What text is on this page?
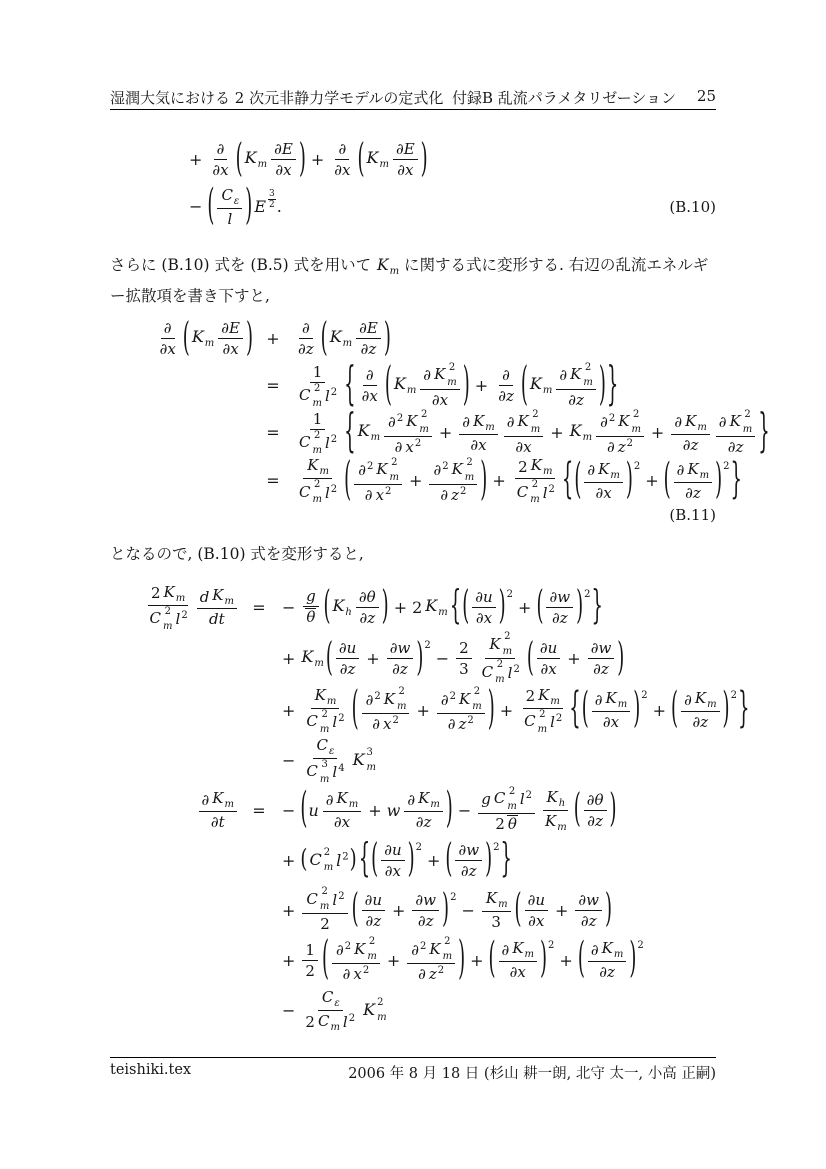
湿潤大気における 2 次元非静力学モデルの定式化 付録B 乱流パラメタリゼーション 25
+ $\frac{\partial}{\partial x}$ ( $K_m \frac{\partial E}{\partial x}$ ) + $\frac{\partial}{\partial x}$ ( $K_m \frac{\partial E}{\partial x}$ )
− ( $\frac{C_\varepsilon}{l}$ ) E $\frac{3}{2}$ .	(B.10)

さらに (B.10) 式を (B.5) 式を用いて $K_m$ に関する式に変形する. 右辺の乱流エネルギー拡散項を書き下すと,

$\frac{\partial}{\partial x}$ ( $K_m \frac{\partial E}{\partial x}$ ) +	$\frac{\partial}{\partial z}$ ( $K_m \frac{\partial E}{\partial z}$ )
=	1
C 2
m $l^2$ { $\frac{\partial}{\partial x}$ ( $K_m$ ∂ K 2
m
∂x ) + $\frac{\partial}{\partial z}$ ( $K_m$ ∂ K 2
m
∂z ) }
=	1
C 2
m $l^2$ { $K_m$ ∂$^2$ K 2
m
∂ $x^2 + \frac{\partial K_m}{\partial x}$ ∂ K 2
m
$\partial x + K_m$ ∂$^2$ K 2
m
∂ $z^2 + \frac{\partial K_m}{\partial z}$ ∂ K 2
m
∂z }
=	$K_m$
C 2
m $l^2$ ( ∂$^2$ K 2
m
∂ $x^2 + \partial^2$ K 2
m
∂ $z^2$ ) + 2 $K_m$
C 2
m $l^2$ { ( $\frac{\partial K_m}{\partial x}$ ) 2
+ ( $\frac{\partial K_m}{\partial z}$ ) 2 }
(B.11)

となるので, (B.10) 式を変形すると,

2 $K_m$
C 2
m $l^2 \frac{d K_m}{dt}$ =	− $\frac{g}{\theta}$ ( $K_h \frac{\partial\theta}{\partial z}$ ) + 2 $K_m$ { ( $\frac{\partial u}{\partial x}$ ) 2
+ ( $\frac{\partial w}{\partial z}$ ) 2 }
+ $K_m$ ( $\frac{\partial u}{\partial z} + \frac{\partial w}{\partial z}$ ) 2
− $\frac{2}{3}$ K 2
m
C 2
m $l^2$ ( $\frac{\partial u}{\partial x} + \frac{\partial w}{\partial z}$ )
+ $K_m$
C 2
m $l^2$ ( ∂$^2$ K 2
m
∂ $x^2 + \partial^2$ K 2
m
∂ $z^2$ ) + 2 $K_m$
C 2
m $l^2$ { ( $\frac{\partial K_m}{\partial x}$ ) 2
+ ( $\frac{\partial K_m}{\partial z}$ ) 2 }
− $C_\varepsilon$
C 3
m $l^4$ K 3
m
$\frac{\partial K_m}{\partial t}$ =	− ( u $\frac{\partial K_m}{\partial x} + w \frac{\partial K_m}{\partial z}$ ) − g C 2
m $l^2$
2 θ $\frac{K_h}{K_m}$ ( $\frac{\partial\theta}{\partial z}$ )
+ ( C 2
m $l^2$ ) { ( $\frac{\partial u}{\partial x}$ ) 2
+ ( $\frac{\partial w}{\partial z}$ ) 2 }
+ C 2
m $l^2$
2 ( $\frac{\partial u}{\partial z} + \frac{\partial w}{\partial z}$ ) 2
− $\frac{K_m}{3}$ ( $\frac{\partial u}{\partial x} + \frac{\partial w}{\partial z}$ )
+ $\frac{1}{2}$ ( ∂$^2$ K 2
m
∂ $x^2 + \partial^2$ K 2
m
∂ $z^2$ ) + ( $\frac{\partial K_m}{\partial x}$ ) 2
+ ( $\frac{\partial K_m}{\partial z}$ ) 2
− $\frac{C_\varepsilon}{2 C_m l^2}$ K 2
m
teishiki.tex	2006 年 8 月 18 日 (杉山 耕一朗, 北守 太一, 小高 正嗣)
